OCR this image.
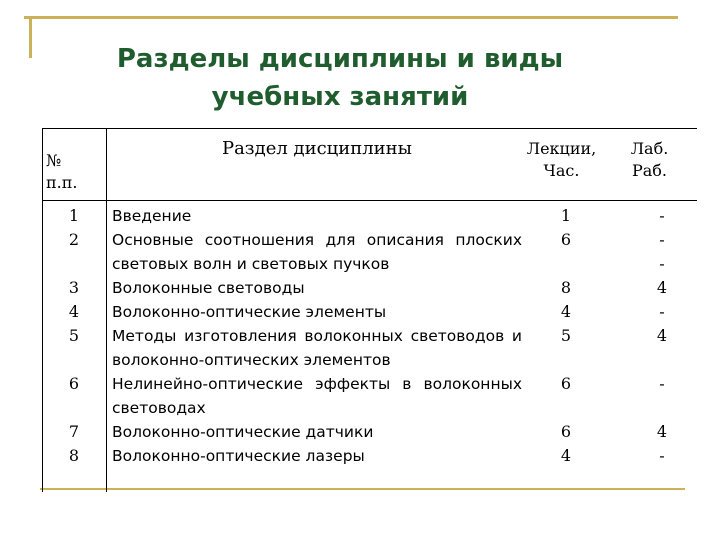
Разделы дисциплины и виды
учебных занятий
№
п.п.
Раздел дисциплины	Лекции,
Час.
Лаб.
Раб.
1
2
3
4
5
6
7
8
Введение
Основные соотношения для описания плоских световых волн и световых пучков
Волоконные световоды
Волоконно-оптические элементы
Методы изготовления волоконных световодов и волоконно-оптических элементов
Нелинейно-оптические эффекты в волоконных световодах
Волоконно-оптические датчики
Волоконно-оптические лазеры
1
6
8
4
5
6
6
4
-
-
-
4
-
4
-
4
-
